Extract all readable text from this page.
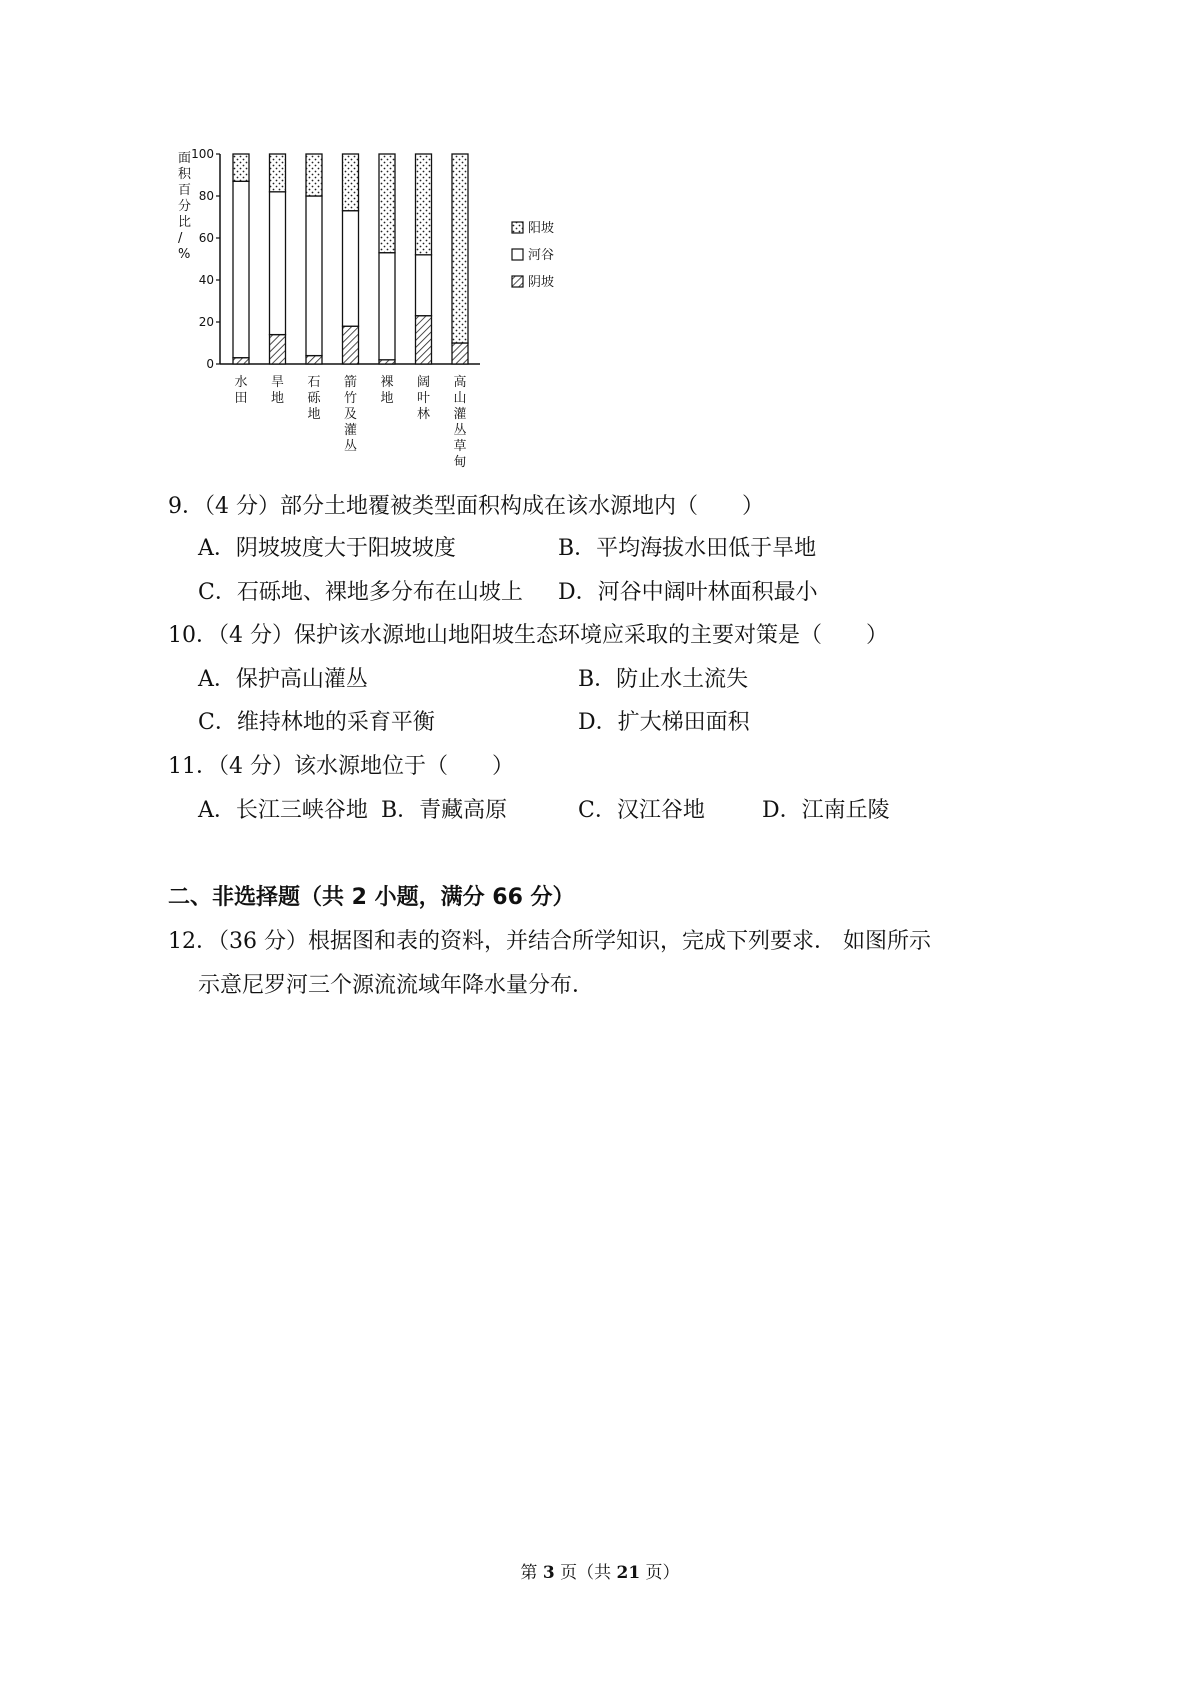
面积百分比/ %
100
80
60
40
20
0
水田
旱地
石砾地
箭竹及灌丛
裸地
阔叶林
高山灌丛草甸
阳坡
河谷
阴坡
9．（4 分）部分土地覆被类型面积构成在该水源地内（　　）
A．阴坡坡度大于阳坡坡度	B．平均海拔水田低于旱地
C．石砾地、裸地多分布在山坡上 D．河谷中阔叶林面积最小
10．（4 分）保护该水源地山地阳坡生态环境应采取的主要对策是（　　）
A．保护高山灌丛	B．防止水土流失
C．维持林地的采育平衡	D．扩大梯田面积
11．（4 分）该水源地位于（　　）
A．长江三峡谷地 B．青藏高原	C．汉江谷地	D．江南丘陵
二、非选择题（共 2 小题，满分 66 分）
12．（36 分）根据图和表的资料，并结合所学知识，完成下列要求． 如图所示
示意尼罗河三个源流流域年降水量分布．
第 3 页（共 21 页）
